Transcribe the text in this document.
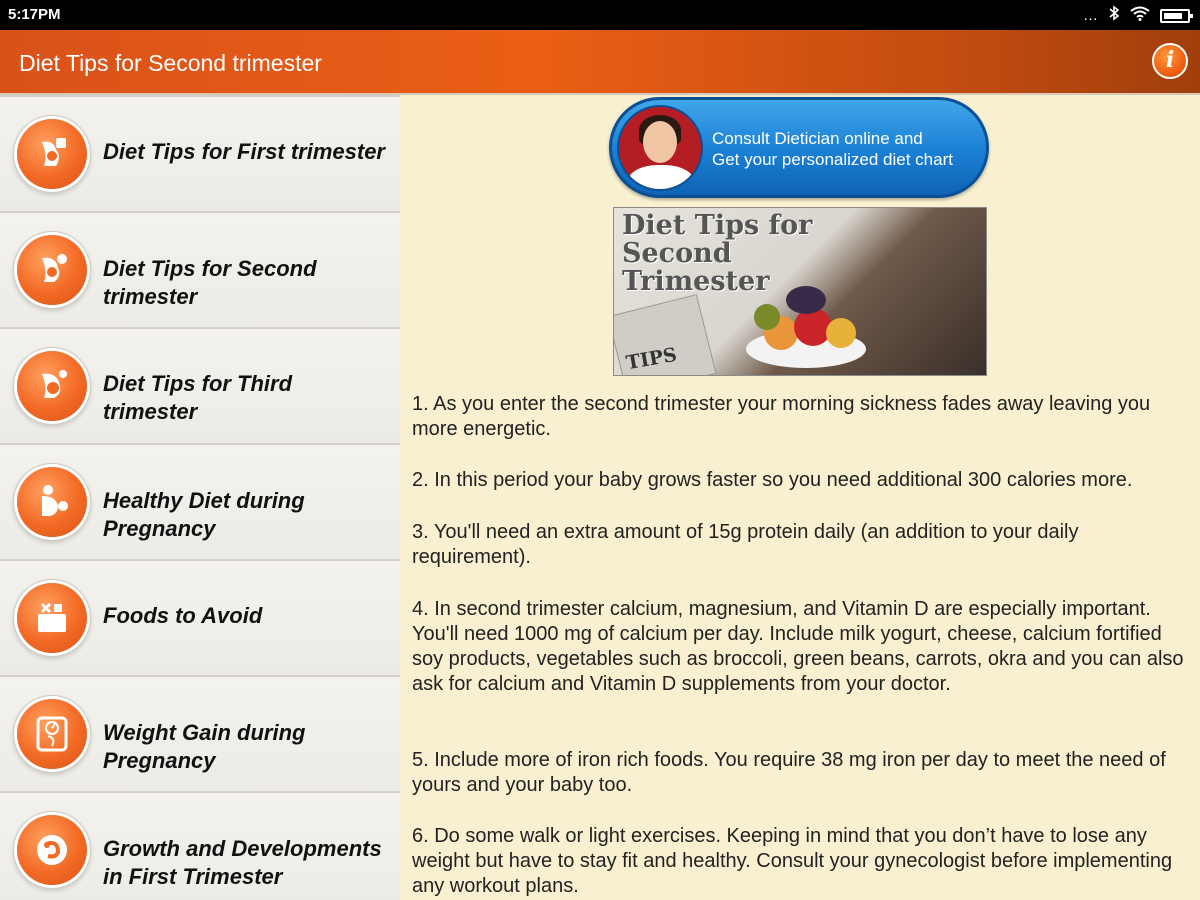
5:17PM	…
Diet Tips for Second trimester	i
Diet Tips for First trimester
Diet Tips for Second trimester
Diet Tips for Third trimester
Healthy Diet during Pregnancy
Foods to Avoid
Weight Gain during Pregnancy
Growth and Developments in First Trimester
Consult Dietician online and
Get your personalized diet chart
TIPS
Diet Tips for
Second
Trimester
1. As you enter the second trimester your morning sickness fades away leaving you more energetic.
2. In this period your baby grows faster so you need additional 300 calories more.
3. You'll need an extra amount of 15g protein daily (an addition to your daily requirement).
4. In second trimester calcium, magnesium, and Vitamin D are especially important. You'll need 1000 mg of calcium per day. Include milk yogurt, cheese, calcium fortified soy products, vegetables such as broccoli, green beans, carrots, okra and you can also ask for calcium and Vitamin D supplements from your doctor.
5. Include more of iron rich foods. You require 38 mg iron per day to meet the need of yours and your baby too.
6. Do some walk or light exercises. Keeping in mind that you don’t have to lose any weight but have to stay fit and healthy. Consult your gynecologist before implementing any workout plans.
